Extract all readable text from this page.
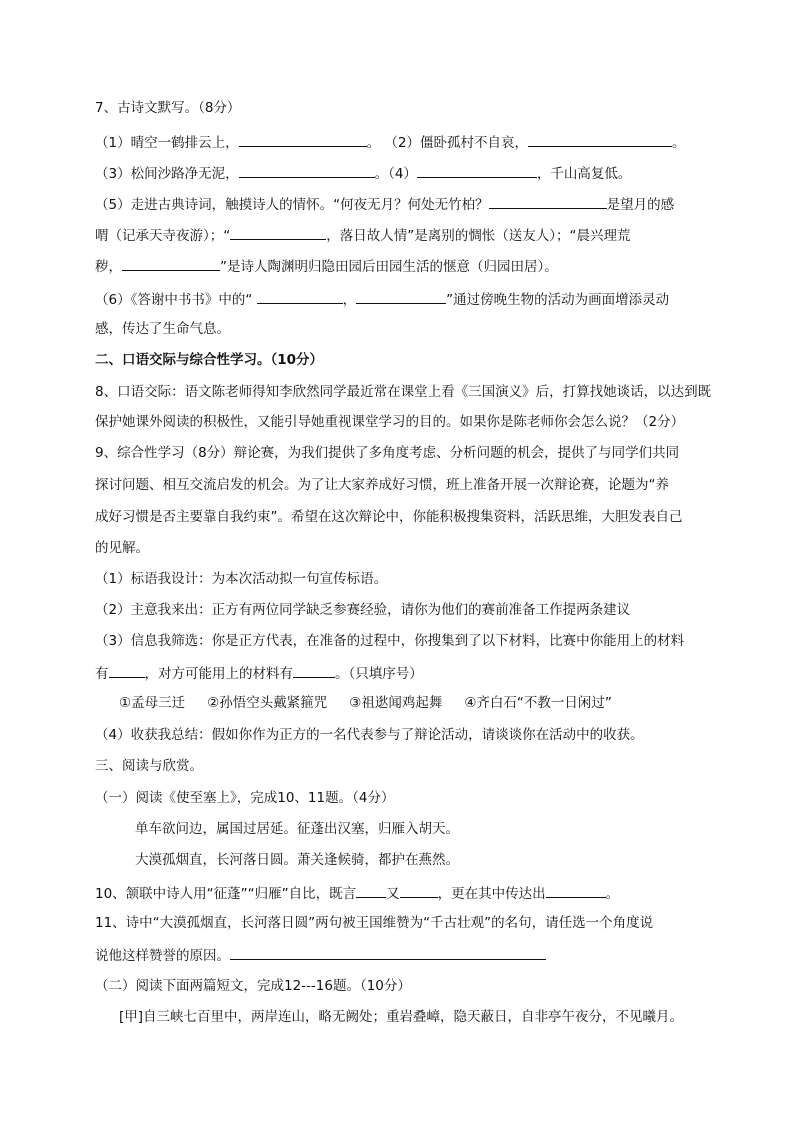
7、古诗文默写。（8分）
（1）晴空一鹤排云上，	。 （2）僵卧孤村不自哀，	。
（3）松间沙路净无泥，	。（4）	，千山高复低。
（5）走进古典诗词，触摸诗人的情怀。“何夜无月？何处无竹柏？	是望月的感
喟（记承天寺夜游）；“	，落日故人情”是离别的惆怅（送友人）；“晨兴理荒
秽，	”是诗人陶渊明归隐田园后田园生活的惬意（归园田居）。
（6）《答谢中书书》中的“	，	”通过傍晚生物的活动为画面增添灵动
感，传达了生命气息。
二、口语交际与综合性学习。（10分）
8、口语交际：语文陈老师得知李欣然同学最近常在课堂上看《三国演义》后，打算找她谈话，以达到既
保护她课外阅读的积极性，又能引导她重视课堂学习的目的。如果你是陈老师你会怎么说？（2分）
9、综合性学习（8分）辩论赛，为我们提供了多角度考虑、分析问题的机会，提供了与同学们共同
探讨问题、相互交流启发的机会。为了让大家养成好习惯，班上准备开展一次辩论赛，论题为“养
成好习惯是否主要靠自我约束”。希望在这次辩论中，你能积极搜集资料，活跃思维，大胆发表自己
的见解。
（1）标语我设计：为本次活动拟一句宣传标语。
（2）主意我来出：正方有两位同学缺乏参赛经验，请你为他们的赛前准备工作提两条建议
（3）信息我筛选：你是正方代表，在准备的过程中，你搜集到了以下材料，比赛中你能用上的材料
有	，对方可能用上的材料有	。（只填序号）
①孟母三迁 ②孙悟空头戴紧箍咒 ③祖逖闻鸡起舞 ④齐白石“不教一日闲过”
（4）收获我总结：假如你作为正方的一名代表参与了辩论活动，请谈谈你在活动中的收获。
三、阅读与欣赏。
（一）阅读《使至塞上》，完成10、11题。（4分）
单车欲问边，属国过居延。征蓬出汉塞，归雁入胡天。
大漠孤烟直，长河落日圆。萧关逢候骑，都护在燕然。
10、颔联中诗人用“征蓬”“归雁”自比，既言 又	，更在其中传达出	。
11、诗中“大漠孤烟直，长河落日圆”两句被王国维赞为“千古壮观”的名句，请任选一个角度说
说他这样赞誉的原因。
（二）阅读下面两篇短文，完成12---16题。（10分）
[甲]自三峡七百里中，两岸连山，略无阙处；重岩叠嶂，隐天蔽日，自非亭午夜分，不见曦月。
